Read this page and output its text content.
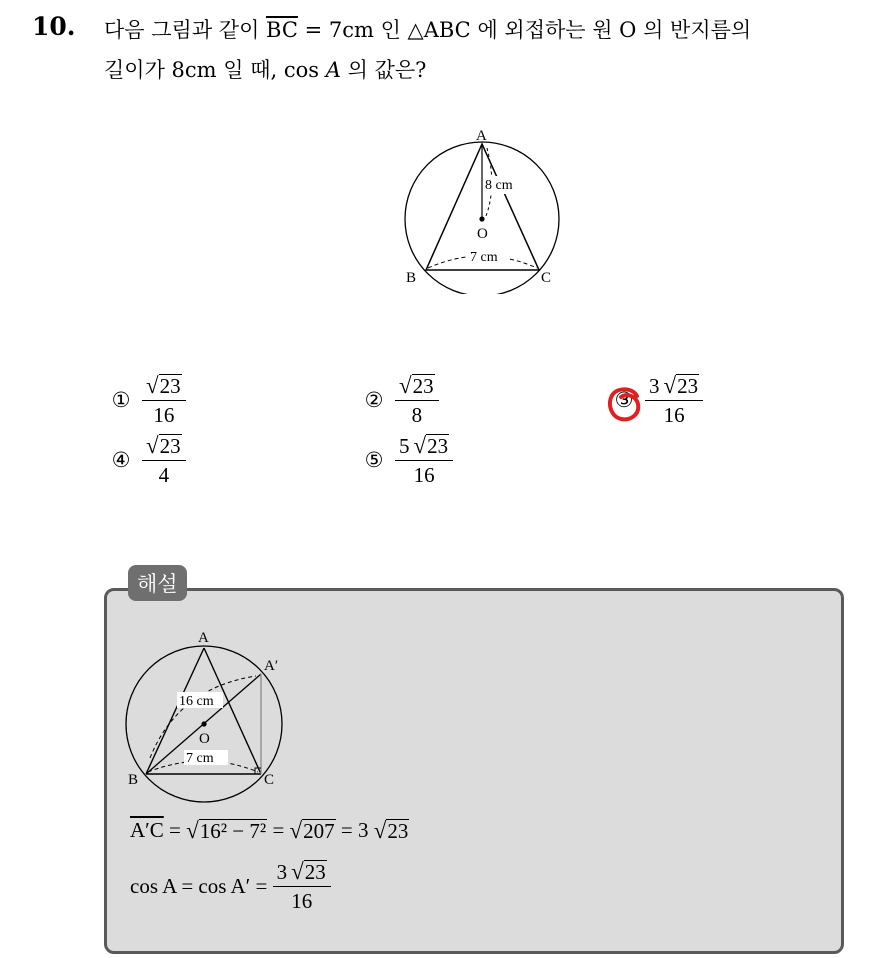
10. 다음 그림과 같이 $\overline{BC} = 7cm$ 인 △ABC 에 외접하는 원 O 의 반지름의
길이가 8cm 일 때, cos A 의 값은?
8 cm
7 cm
A
O
B	C
① $\frac{√ 23}{16}$	② $\frac{√ 23}{8}$	③ $\frac{3 √ 23}{16}$
④ $\frac{√ 23}{4}$	⑤ $\frac{5 √ 23}{16}$
해설
16 cm
7 cm
A
A′
O
B	C
A′C
=
√ 16² − 7²
=
√ 207
= 3
√ 23
cos A = cos A′ =
$\frac{3 √ 23}{16}$
